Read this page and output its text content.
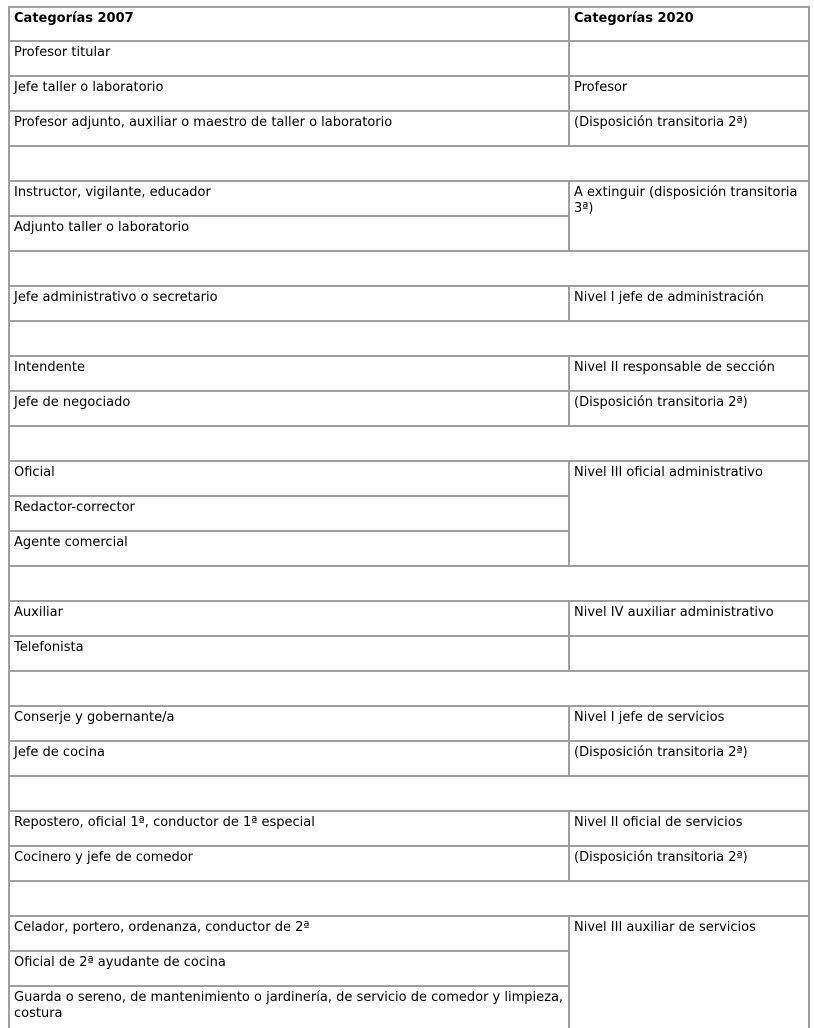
Categorías 2007	Categorías 2020
Profesor titular	
Jefe taller o laboratorio	Profesor
Profesor adjunto, auxiliar o maestro de taller o laboratorio	(Disposición transitoria 2ª)

Instructor, vigilante, educador	A extinguir (disposición transitoria 3ª)
Adjunto taller o laboratorio	

Jefe administrativo o secretario	Nivel I jefe de administración

Intendente	Nivel II responsable de sección
Jefe de negociado	(Disposición transitoria 2ª)

Oficial	Nivel III oficial administrativo
Redactor-corrector	
Agente comercial	

Auxiliar	Nivel IV auxiliar administrativo
Telefonista	

Conserje y gobernante/a	Nivel I jefe de servicios
Jefe de cocina	(Disposición transitoria 2ª)

Repostero, oficial 1ª, conductor de 1ª especial	Nivel II oficial de servicios
Cocinero y jefe de comedor	(Disposición transitoria 2ª)

Celador, portero, ordenanza, conductor de 2ª	Nivel III auxiliar de servicios
Oficial de 2ª ayudante de cocina	
Guarda o sereno, de mantenimiento o jardinería, de servicio de comedor y limpieza, costura	
